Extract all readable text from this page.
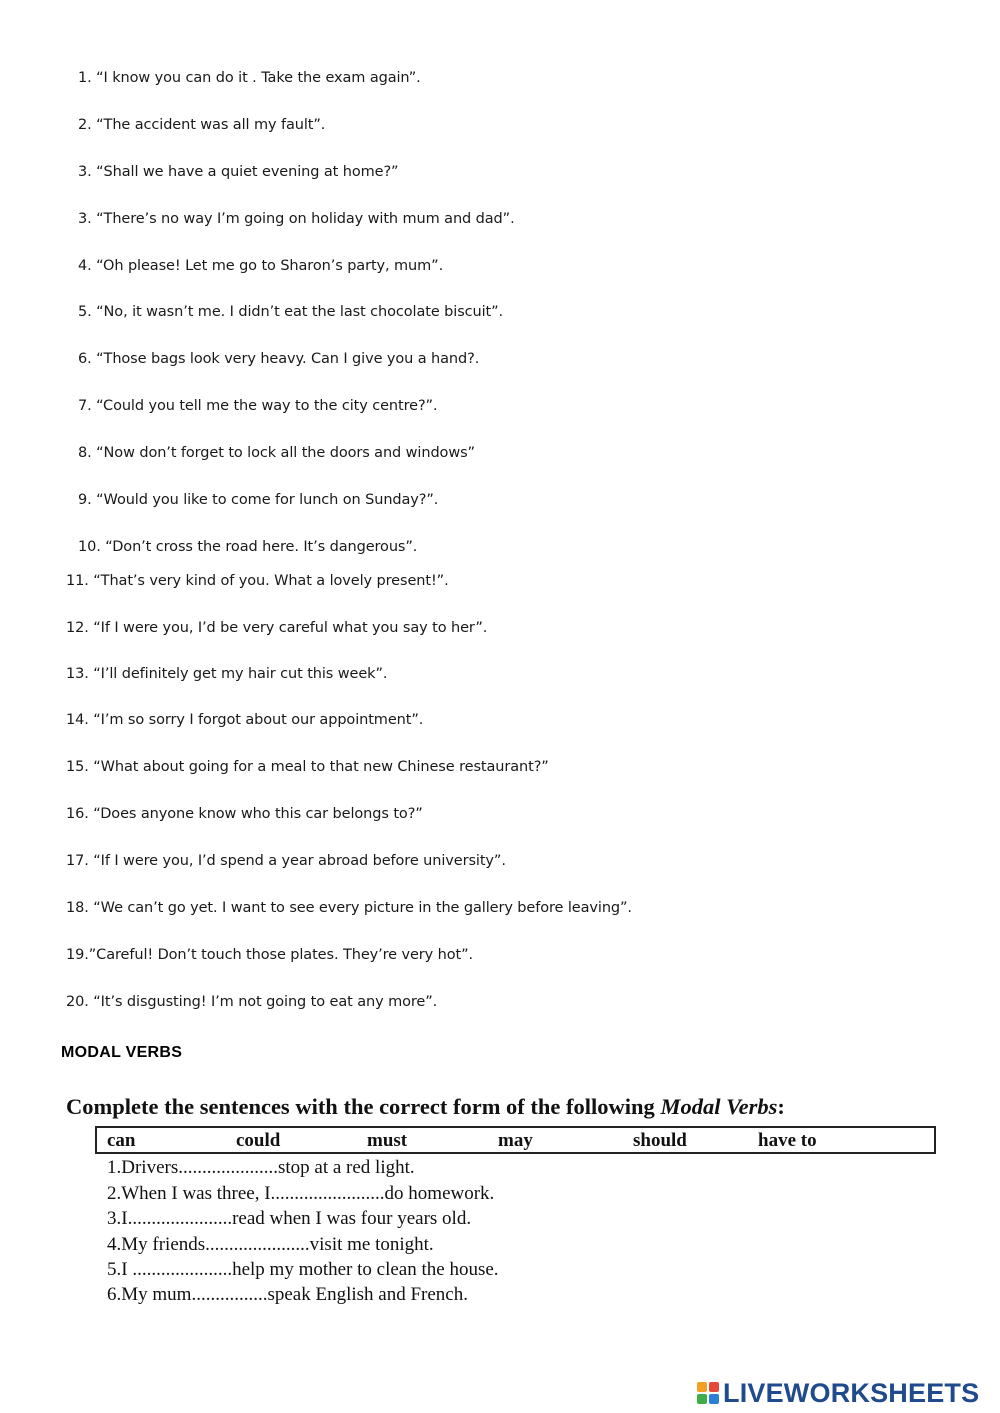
1. “I know you can do it . Take the exam again”.
2. “The accident was all my fault”.
3. “Shall we have a quiet evening at home?”
3. “There’s no way I’m going on holiday with mum and dad”.
4. “Oh please! Let me go to Sharon’s party, mum”.
5. “No, it wasn’t me. I didn’t eat the last chocolate biscuit”.
6. “Those bags look very heavy. Can I give you a hand?.
7. “Could you tell me the way to the city centre?”.
8. “Now don’t forget to lock all the doors and windows”
9. “Would you like to come for lunch on Sunday?”.
10. “Don’t cross the road here. It’s dangerous”.
11. “That’s very kind of you. What a lovely present!”.
12. “If I were you, I’d be very careful what you say to her”.
13. “I’ll definitely get my hair cut this week”.
14. “I’m so sorry I forgot about our appointment”.
15. “What about going for a meal to that new Chinese restaurant?”
16. “Does anyone know who this car belongs to?”
17. “If I were you, I’d spend a year abroad before university”.
18. “We can’t go yet. I want to see every picture in the gallery before leaving”.
19.”Careful! Don’t touch those plates. They’re very hot”.
20. “It’s disgusting! I’m not going to eat any more”.
MODAL VERBS
Complete the sentences with the correct form of the following Modal Verbs:
can	could	must	may	should	have to
1.Drivers.....................stop at a red light.
2.When I was three, I........................do homework.
3.I......................read when I was four years old.
4.My friends......................visit me tonight.
5.I .....................help my mother to clean the house.
6.My mum................speak English and French.
LIVEWORKSHEETS
